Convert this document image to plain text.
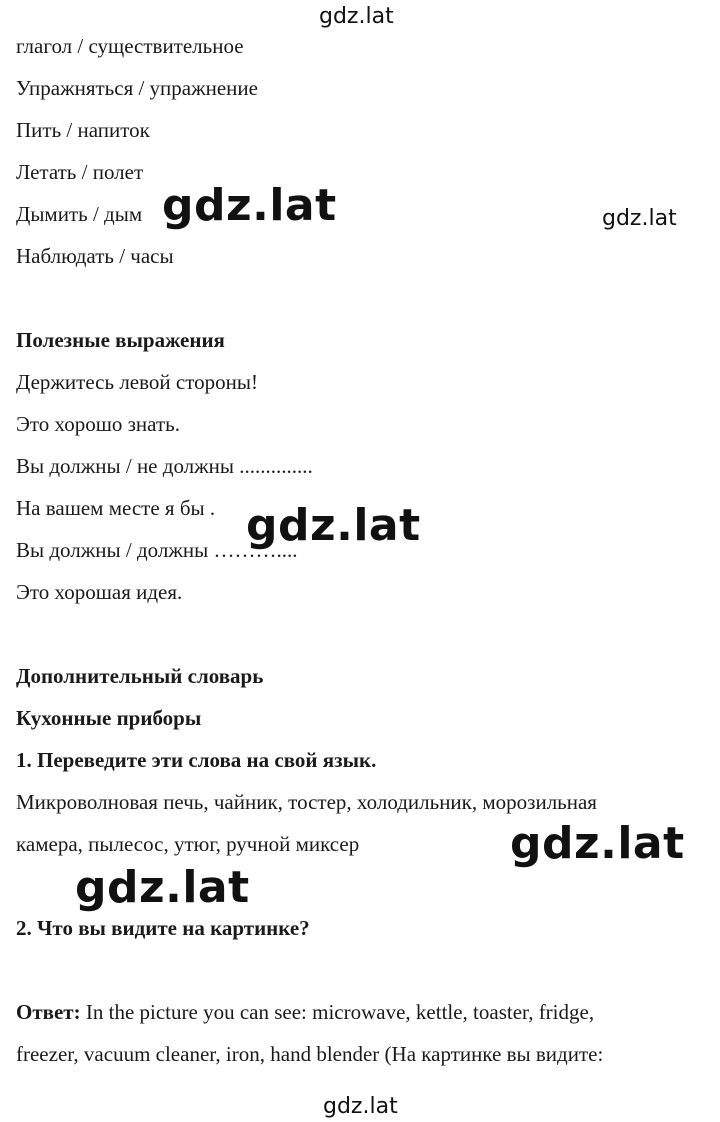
gdz.lat
gdz.lat	gdz.lat
gdz.lat
gdz.lat
gdz.lat
gdz.lat
глагол / существительное
Упражняться / упражнение
Пить / напиток
Летать / полет
Дымить / дым
Наблюдать / часы
Полезные выражения
Держитесь левой стороны!
Это хорошо знать.
Вы должны / не должны ..............
На вашем месте я бы .
Вы должны / должны ………....
Это хорошая идея.
Дополнительный словарь
Кухонные приборы
1. Переведите эти слова на свой язык.
Микроволновая печь, чайник, тостер, холодильник, морозильная
камера, пылесос, утюг, ручной миксер
2. Что вы видите на картинке?
Ответ: In the picture you can see: microwave, kettle, toaster, fridge,
freezer, vacuum cleaner, iron, hand blender (На картинке вы видите:
